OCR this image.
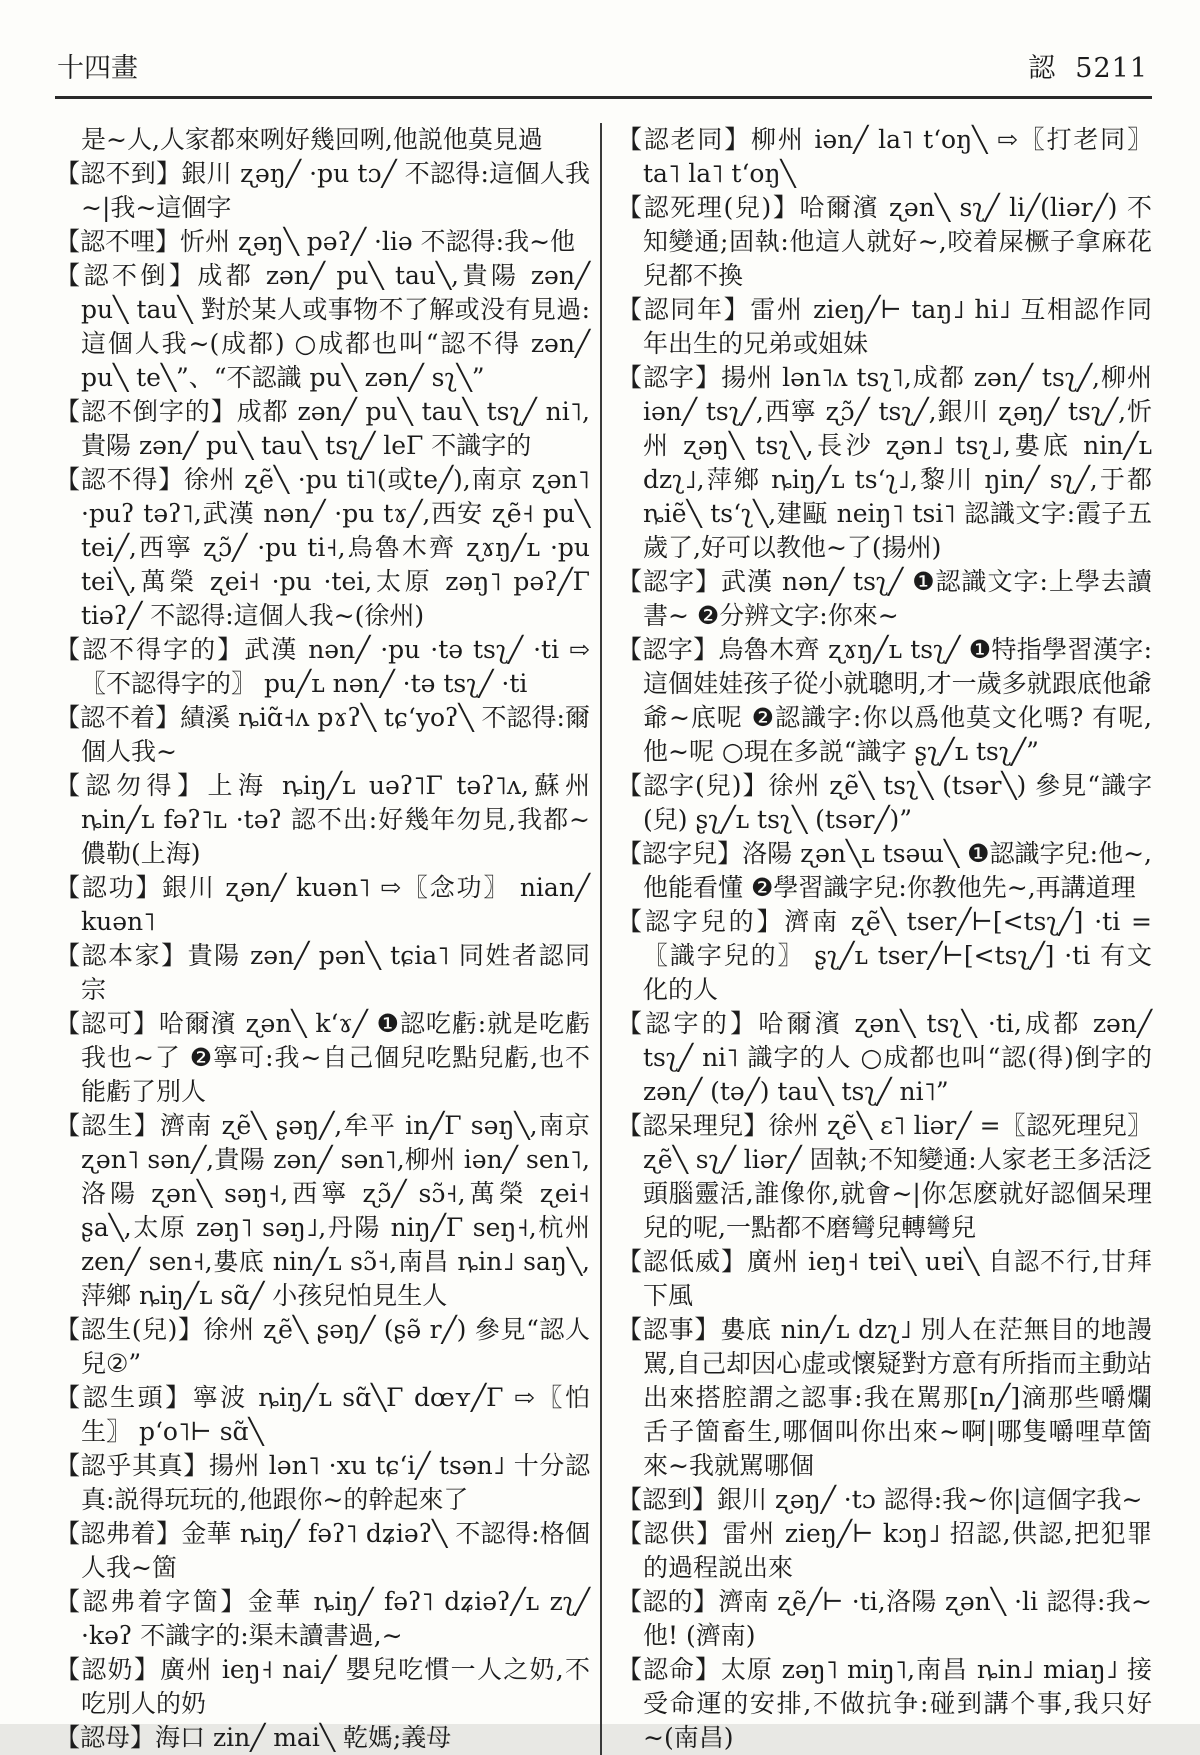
十四畫	認 5211

是∼人,人家都來咧好幾回咧,他説他莫見過

【認不到】銀川 ʐəŋ╱ ·pu tɔ╱ 不認得:這個人我∼|我∼這個字

【認不哩】忻州 ʐəŋ╲ pəʔ╱ ·liə 不認得:我∼他

【認不倒】成都 zən╱ pu╲ tau╲,貴陽 zən╱ pu╲ tau╲ 對於某人或事物不了解或没有見過:這個人我∼(成都) ○成都也叫“認不得 zən╱ pu╲ te╲”、“不認識 pu╲ zən╱ sʅ╲”

【認不倒字的】成都 zən╱ pu╲ tau╲ tsʅ╱ ni˥,貴陽 zən╱ pu╲ tau╲ tsʅ╱ leΓ 不識字的

【認不得】徐州 ʐẽ╲ ·pu ti˥(或te╱),南京 ʐən˥ ·puʔ təʔ˥,武漢 nən╱ ·pu tɤ╱,西安 ʐẽ˧ pu╲ tei╱,西寧 ʐɔ̃╱ ·pu ti˧,烏魯木齊 ʐɤŋ╱ʟ ·pu tei╲,萬榮 ʐei˧ ·pu ·tei,太原 zəŋ˥ pəʔ╱Γ tiəʔ╱ 不認得:這個人我∼(徐州)

【認不得字的】武漢 nən╱ ·pu ·tə tsʅ╱ ·ti ⇨〖不認得字的〗 pu╱ʟ nən╱ ·tə tsʅ╱ ·ti

【認不着】績溪 ȵiɑ̃˧ʌ pɤʔ╲ tɕʻyoʔ╲ 不認得:爾個人我∼

【認勿得】上海 ȵiŋ╱ʟ uəʔ˥Γ təʔ˥ʌ,蘇州 ȵin╱ʟ fəʔ˥ʟ ·təʔ 認不出:好幾年勿見,我都∼儂勒(上海)

【認功】銀川 ʐən╱ kuən˥ ⇨〖念功〗 nian╱ kuən˥

【認本家】貴陽 zən╱ pən╲ tɕia˥ 同姓者認同宗

【認可】哈爾濱 ʐən╲ kʻɤ╱ ❶認吃虧:就是吃虧我也∼了 ❷寧可:我∼自己個兒吃點兒虧,也不能虧了別人

【認生】濟南 ʐẽ╲ ʂəŋ╱,牟平 in╱Γ səŋ╲,南京 ʐən˥ sən╱,貴陽 zən╱ sən˥,柳州 iən╱ sen˥,洛陽 ʐən╲ səŋ˧,西寧 ʐɔ̃╱ sɔ̃˧,萬榮 ʐei˧ ʂa╲,太原 zəŋ˥ səŋ˩,丹陽 niŋ╱Γ seŋ˧,杭州 zen╱ sen˧,婁底 nin╱ʟ sɔ̃˧,南昌 ȵin˩ saŋ╲,萍鄉 ȵiŋ╱ʟ sɑ̃╱ 小孩兒怕見生人

【認生(兒)】徐州 ʐẽ╲ ʂəŋ╱ (ʂə̃ r╱) 參見“認人兒②”

【認生頭】寧波 ȵiŋ╱ʟ sɑ̃╲Γ dœʏ╱Γ ⇨〖怕生〗 pʻo˥⊢ sɑ̃╲

【認乎其真】揚州 lən˥ ·xu tɕʻi╱ tsən˩ 十分認真:説得玩玩的,他跟你∼的幹起來了

【認弗着】金華 ȵiŋ╱ fəʔ˥ dʑiəʔ╲ 不認得:格個人我∼箇

【認弗着字箇】金華 ȵiŋ╱ fəʔ˥ dʑiəʔ╱ʟ zʅ╱ ·kəʔ 不識字的:渠未讀書過,∼

【認奶】廣州 ieŋ˧ nai╱ 嬰兒吃慣一人之奶,不吃別人的奶

【認母】海口 zin╱ mai╲ 乾媽;義母

【認老同】柳州 iən╱ la˥ tʻoŋ╲ ⇨〖打老同〗 ta˥ la˥ tʻoŋ╲

【認死理(兒)】哈爾濱 ʐən╲ sʅ╱ li╱(liər╱) 不知變通;固執:他這人就好∼,咬着屎橛子拿麻花兒都不換

【認同年】雷州 zieŋ╱⊢ taŋ˩ hi˩ 互相認作同年出生的兄弟或姐妹

【認字】揚州 lən˥ʌ tsʅ˥,成都 zən╱ tsʅ╱,柳州 iən╱ tsʅ╱,西寧 ʐɔ̃╱ tsʅ╱,銀川 ʐəŋ╱ tsʅ╱,忻州 ʐəŋ╲ tsʅ╲,長沙 ʐən˩ tsʅ˩,婁底 nin╱ʟ dzʅ˩,萍鄉 ȵiŋ╱ʟ tsʻʅ˩,黎川 ŋin╱ sʅ╱,于都 ȵiẽ╲ tsʻʅ╲,建甌 neiŋ˥ tsi˥ 認識文字:霞子五歲了,好可以教他∼了(揚州)

【認字】武漢 nən╱ tsʅ╱ ❶認識文字:上學去讀書∼ ❷分辨文字:你來∼

【認字】烏魯木齊 ʐɤŋ╱ʟ tsʅ╱ ❶特指學習漢字:這個娃娃孩子從小就聰明,才一歲多就跟底他爺爺∼底呢 ❷認識字:你以爲他莫文化嗎? 有呢,他∼呢 ○現在多説“識字 ʂʅ╱ʟ tsʅ╱”

【認字(兒)】徐州 ʐẽ╲ tsʅ╲ (tsər╲) 參見“識字(兒) ʂʅ╱ʟ tsʅ╲ (tsər╱)”

【認字兒】洛陽 ʐən╲ʟ tsəɯ╲ ❶認識字兒:他∼,他能看懂 ❷學習識字兒:你教他先∼,再講道理

【認字兒的】濟南 ʐẽ╲ tser╱⊢[<tsʅ╱] ·ti =〖識字兒的〗 ʂʅ╱ʟ tser╱⊢[<tsʅ╱] ·ti 有文化的人

【認字的】哈爾濱 ʐən╲ tsʅ╲ ·ti,成都 zən╱ tsʅ╱ ni˥ 識字的人 ○成都也叫“認(得)倒字的 zən╱ (tə╱) tau╲ tsʅ╱ ni˥”

【認呆理兒】徐州 ʐẽ╲ ɛ˥ liər╱ =〖認死理兒〗 ʐẽ╲ sʅ╱ liər╱ 固執;不知變通:人家老王多活泛頭腦靈活,誰像你,就會∼|你怎麽就好認個呆理兒的呢,一點都不磨彎兒轉彎兒

【認低威】廣州 ieŋ˧ tɐi╲ uɐi╲ 自認不行,甘拜下風

【認事】婁底 nin╱ʟ dzʅ˩ 別人在茫無目的地謾駡,自己却因心虚或懷疑對方意有所指而主動站出來搭腔謂之認事:我在駡那[n╱]滴那些嚼爛舌子箇畜生,哪個叫你出來∼啊|哪隻嚼哩草箇來∼我就駡哪個

【認到】銀川 ʐəŋ╱ ·tɔ 認得:我∼你|這個字我∼

【認供】雷州 zieŋ╱⊢ kɔŋ˩ 招認,供認,把犯罪的過程説出來

【認的】濟南 ʐẽ╱⊢ ·ti,洛陽 ʐən╲ ·li 認得:我∼他! (濟南)

【認命】太原 zəŋ˥ miŋ˥,南昌 ȵin˩ miaŋ˩ 接受命運的安排,不做抗争:碰到講个事,我只好∼(南昌)
